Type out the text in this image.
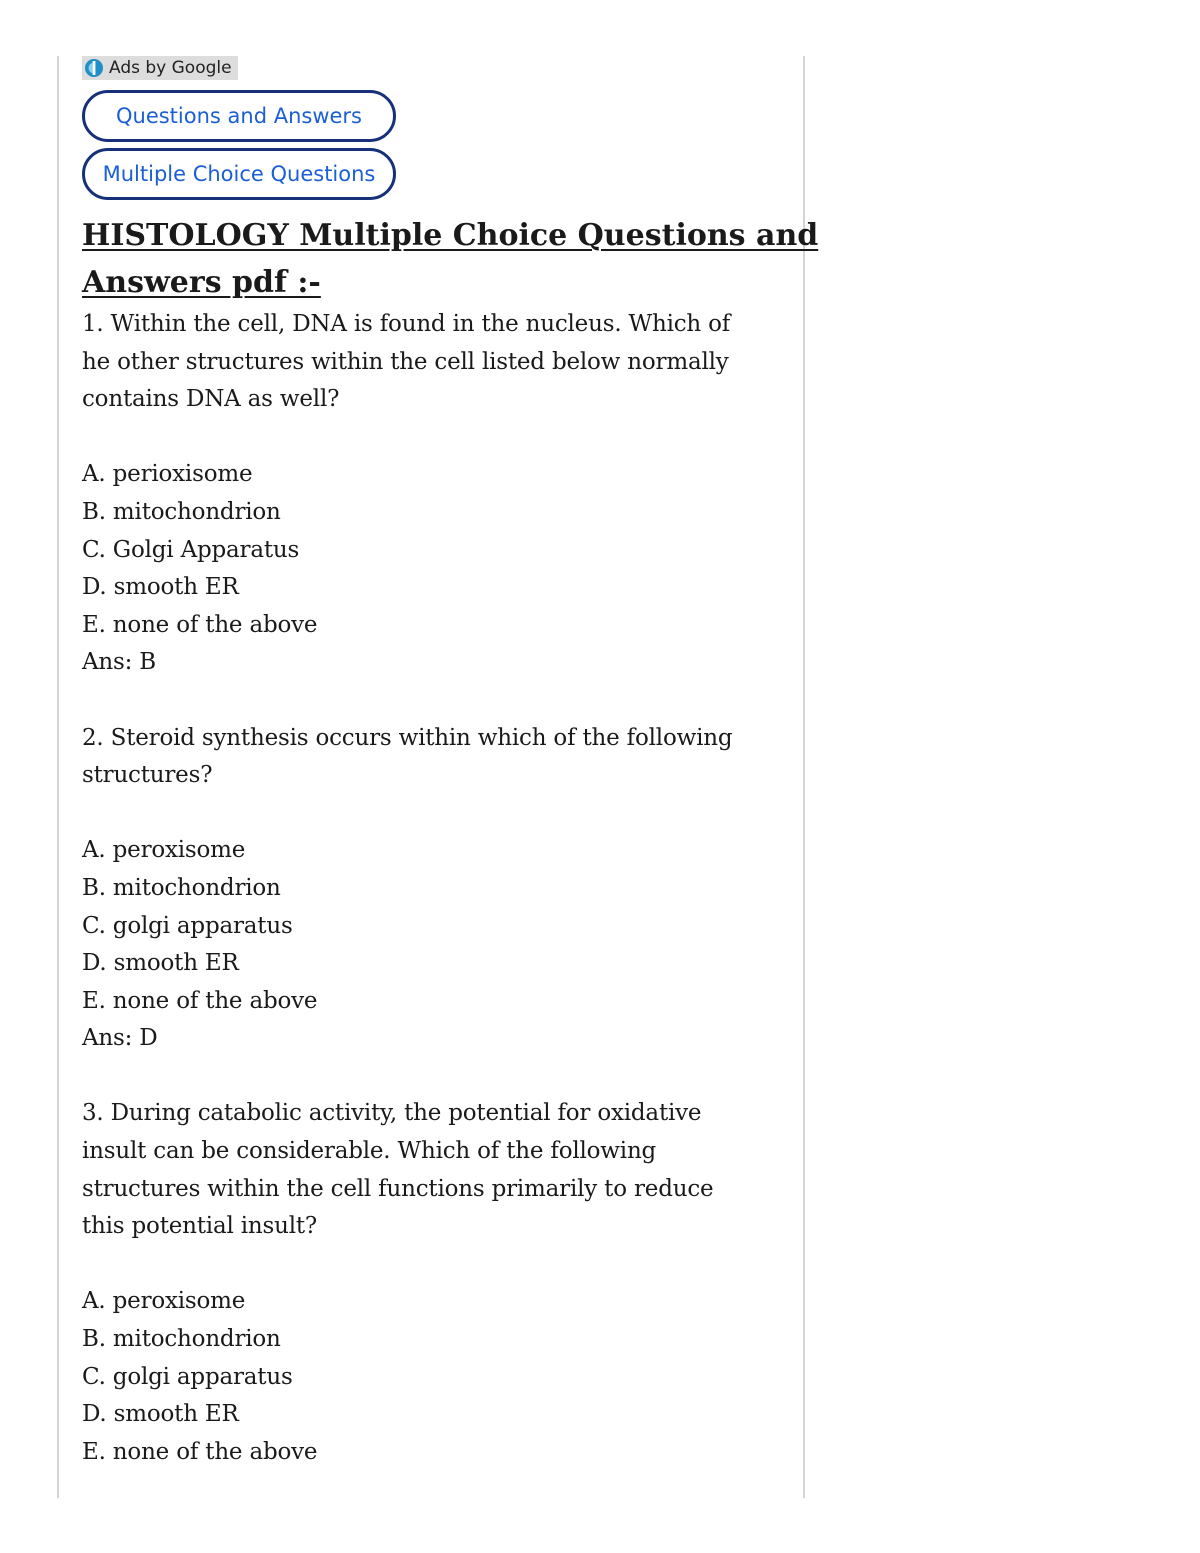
Ads by Google
Questions and Answers
Multiple Choice Questions
HISTOLOGY Multiple Choice Questions and
Answers pdf :-
1. Within the cell, DNA is found in the nucleus. Which of
he other structures within the cell listed below normally
contains DNA as well?
A. perioxisome
B. mitochondrion
C. Golgi Apparatus
D. smooth ER
E. none of the above
Ans: B
2. Steroid synthesis occurs within which of the following
structures?
A. peroxisome
B. mitochondrion
C. golgi apparatus
D. smooth ER
E. none of the above
Ans: D
3. During catabolic activity, the potential for oxidative
insult can be considerable. Which of the following
structures within the cell functions primarily to reduce
this potential insult?
A. peroxisome
B. mitochondrion
C. golgi apparatus
D. smooth ER
E. none of the above
